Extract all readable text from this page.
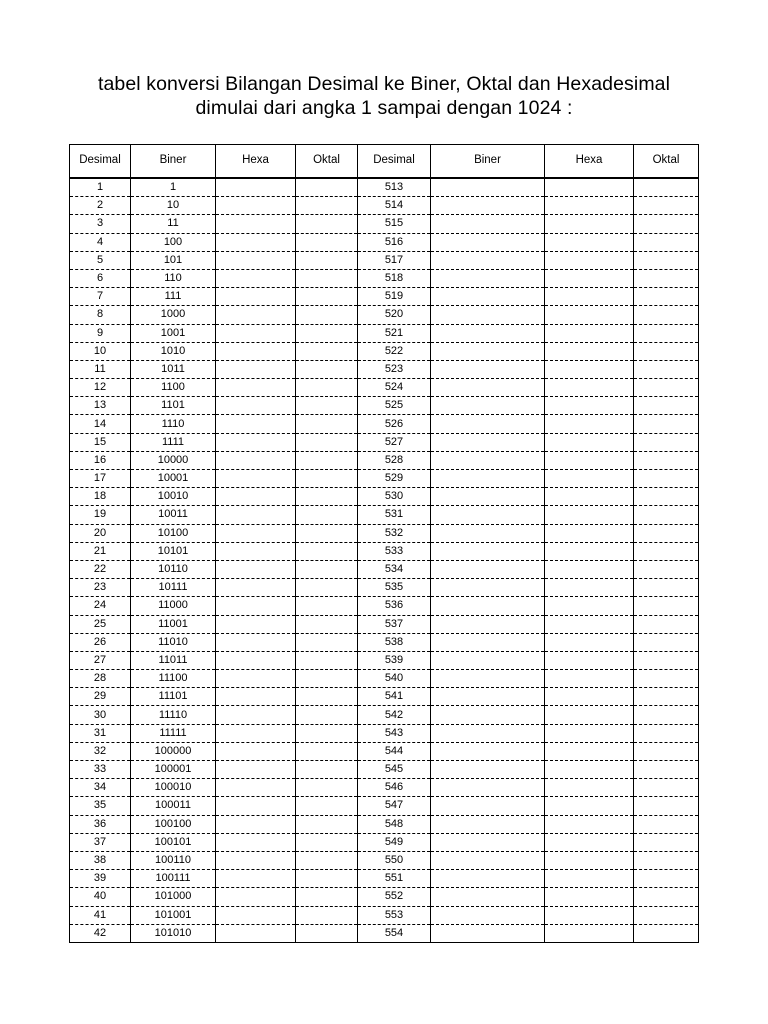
tabel konversi Bilangan Desimal ke Biner, Oktal dan Hexadesimal
dimulai dari angka 1 sampai dengan 1024 :
Desimal	Biner	Hexa	Oktal	Desimal	Biner	Hexa	Oktal
1	1			513			
2	10			514			
3	11			515			
4	100			516			
5	101			517			
6	110			518			
7	111			519			
8	1000			520			
9	1001			521			
10	1010			522			
11	1011			523			
12	1100			524			
13	1101			525			
14	1110			526			
15	1111			527			
16	10000			528			
17	10001			529			
18	10010			530			
19	10011			531			
20	10100			532			
21	10101			533			
22	10110			534			
23	10111			535			
24	11000			536			
25	11001			537			
26	11010			538			
27	11011			539			
28	11100			540			
29	11101			541			
30	11110			542			
31	11111			543			
32	100000			544			
33	100001			545			
34	100010			546			
35	100011			547			
36	100100			548			
37	100101			549			
38	100110			550			
39	100111			551			
40	101000			552			
41	101001			553			
42	101010			554			
